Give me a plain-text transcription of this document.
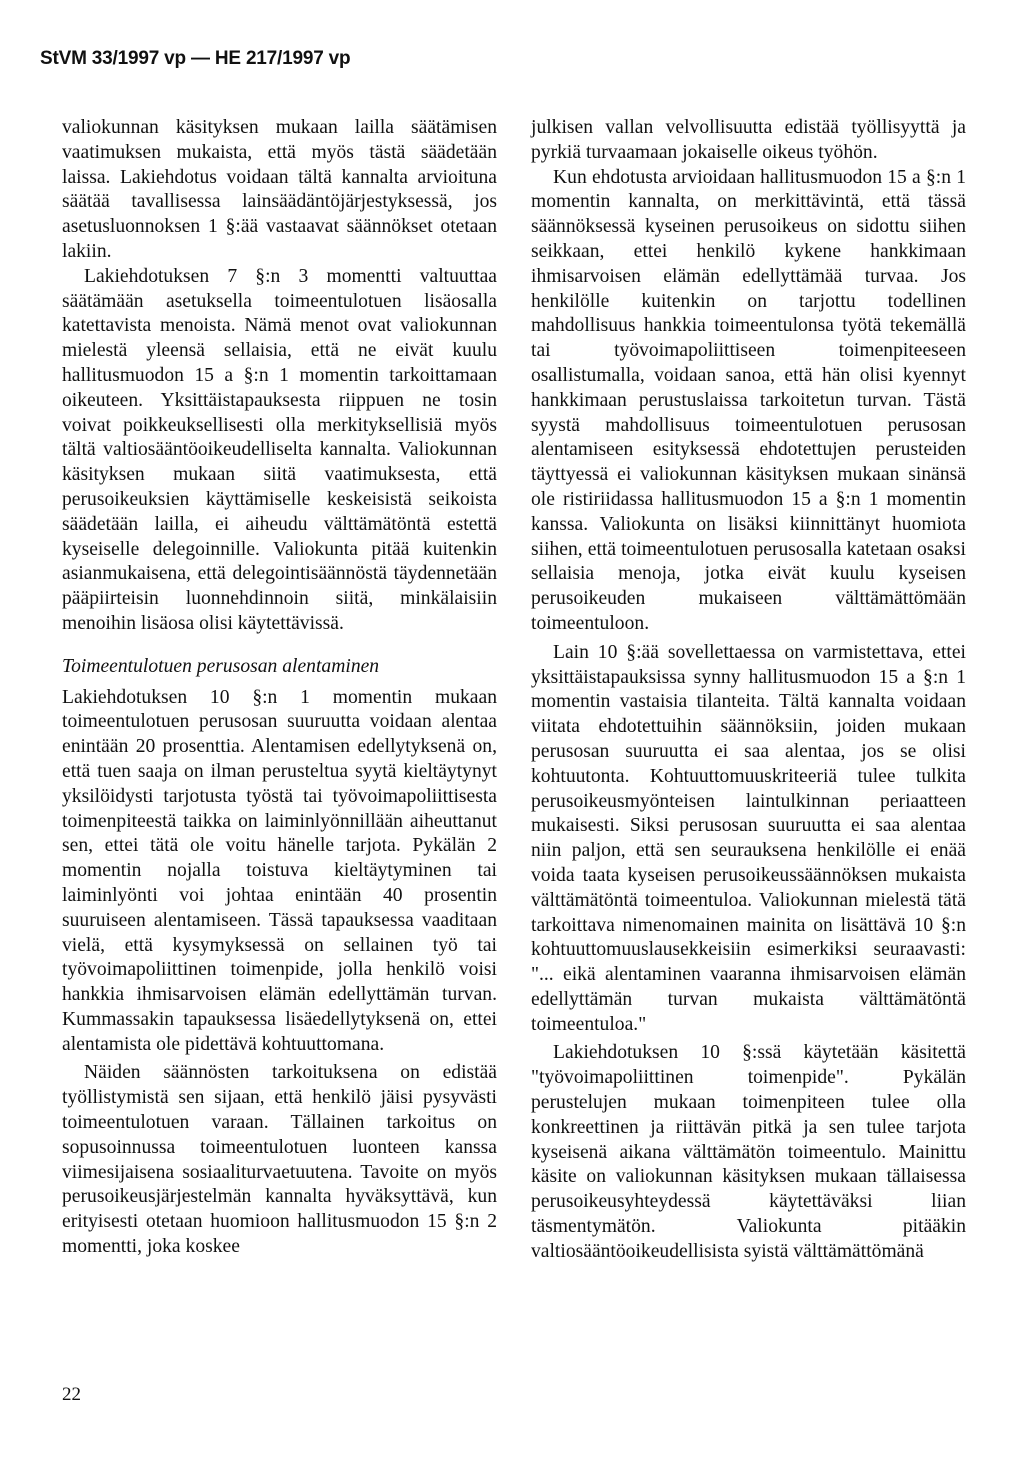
StVM 33/1997 vp — HE 217/1997 vp

valiokunnan käsityksen mukaan lailla säätämisen vaatimuksen mukaista, että myös tästä säädetään laissa. Lakiehdotus voidaan tältä kannalta arvioituna säätää tavallisessa lainsäädäntöjärjestyksessä, jos asetusluonnoksen 1 §:ää vastaavat säännökset otetaan lakiin.

Lakiehdotuksen 7 §:n 3 momentti valtuuttaa säätämään asetuksella toimeentulotuen lisäosalla katettavista menoista. Nämä menot ovat valiokunnan mielestä yleensä sellaisia, että ne eivät kuulu hallitusmuodon 15 a §:n 1 momentin tarkoittamaan oikeuteen. Yksittäistapauksesta riippuen ne tosin voivat poikkeuksellisesti olla merkityksellisiä myös tältä valtiosääntöoikeudelliselta kannalta. Valiokunnan käsityksen mukaan siitä vaatimuksesta, että perusoikeuksien käyttämiselle keskeisistä seikoista säädetään lailla, ei aiheudu välttämätöntä estettä kyseiselle delegoinnille. Valiokunta pitää kuitenkin asianmukaisena, että delegointisäännöstä täydennetään pääpiirteisin luonnehdinnoin siitä, minkälaisiin menoihin lisäosa olisi käytettävissä.

Toimeentulotuen perusosan alentaminen

Lakiehdotuksen 10 §:n 1 momentin mukaan toimeentulotuen perusosan suuruutta voidaan alentaa enintään 20 prosenttia. Alentamisen edellytyksenä on, että tuen saaja on ilman perusteltua syytä kieltäytynyt yksilöidysti tarjotusta työstä tai työvoimapoliittisesta toimenpiteestä taikka on laiminlyönnillään aiheuttanut sen, ettei tätä ole voitu hänelle tarjota. Pykälän 2 momentin nojalla toistuva kieltäytyminen tai laiminlyönti voi johtaa enintään 40 prosentin suuruiseen alentamiseen. Tässä tapauksessa vaaditaan vielä, että kysymyksessä on sellainen työ tai työvoimapoliittinen toimenpide, jolla henkilö voisi hankkia ihmisarvoisen elämän edellyttämän turvan. Kummassakin tapauksessa lisäedellytyksenä on, ettei alentamista ole pidettävä kohtuuttomana.

Näiden säännösten tarkoituksena on edistää työllistymistä sen sijaan, että henkilö jäisi pysyvästi toimeentulotuen varaan. Tällainen tarkoitus on sopusoinnussa toimeentulotuen luonteen kanssa viimesijaisena sosiaaliturvaetuutena. Tavoite on myös perusoikeusjärjestelmän kannalta hyväksyttävä, kun erityisesti otetaan huomioon hallitusmuodon 15 §:n 2 momentti, joka koskee

julkisen vallan velvollisuutta edistää työllisyyttä ja pyrkiä turvaamaan jokaiselle oikeus työhön.

Kun ehdotusta arvioidaan hallitusmuodon 15 a §:n 1 momentin kannalta, on merkittävintä, että tässä säännöksessä kyseinen perusoikeus on sidottu siihen seikkaan, ettei henkilö kykene hankkimaan ihmisarvoisen elämän edellyttämää turvaa. Jos henkilölle kuitenkin on tarjottu todellinen mahdollisuus hankkia toimeentulonsa työtä tekemällä tai työvoimapoliittiseen toimenpiteeseen osallistumalla, voidaan sanoa, että hän olisi kyennyt hankkimaan perustuslaissa tarkoitetun turvan. Tästä syystä mahdollisuus toimeentulotuen perusosan alentamiseen esityksessä ehdotettujen perusteiden täyttyessä ei valiokunnan käsityksen mukaan sinänsä ole ristiriidassa hallitusmuodon 15 a §:n 1 momentin kanssa. Valiokunta on lisäksi kiinnittänyt huomiota siihen, että toimeentulotuen perusosalla katetaan osaksi sellaisia menoja, jotka eivät kuulu kyseisen perusoikeuden mukaiseen välttämättömään toimeentuloon.

Lain 10 §:ää sovellettaessa on varmistettava, ettei yksittäistapauksissa synny hallitusmuodon 15 a §:n 1 momentin vastaisia tilanteita. Tältä kannalta voidaan viitata ehdotettuihin säännöksiin, joiden mukaan perusosan suuruutta ei saa alentaa, jos se olisi kohtuutonta. Kohtuuttomuuskriteeriä tulee tulkita perusoikeusmyönteisen laintulkinnan periaatteen mukaisesti. Siksi perusosan suuruutta ei saa alentaa niin paljon, että sen seurauksena henkilölle ei enää voida taata kyseisen perusoikeussäännöksen mukaista välttämätöntä toimeentuloa. Valiokunnan mielestä tätä tarkoittava nimenomainen mainita on lisättävä 10 §:n kohtuuttomuuslausekkeisiin esimerkiksi seuraavasti: "... eikä alentaminen vaaranna ihmisarvoisen elämän edellyttämän turvan mukaista välttämätöntä toimeentuloa."

Lakiehdotuksen 10 §:ssä käytetään käsitettä "työvoimapoliittinen toimenpide". Pykälän perustelujen mukaan toimenpiteen tulee olla konkreettinen ja riittävän pitkä ja sen tulee tarjota kyseisenä aikana välttämätön toimeentulo. Mainittu käsite on valiokunnan käsityksen mukaan tällaisessa perusoikeusyhteydessä käytettäväksi liian täsmentymätön. Valiokunta pitääkin valtiosääntöoikeudellisista syistä välttämättömänä

22
